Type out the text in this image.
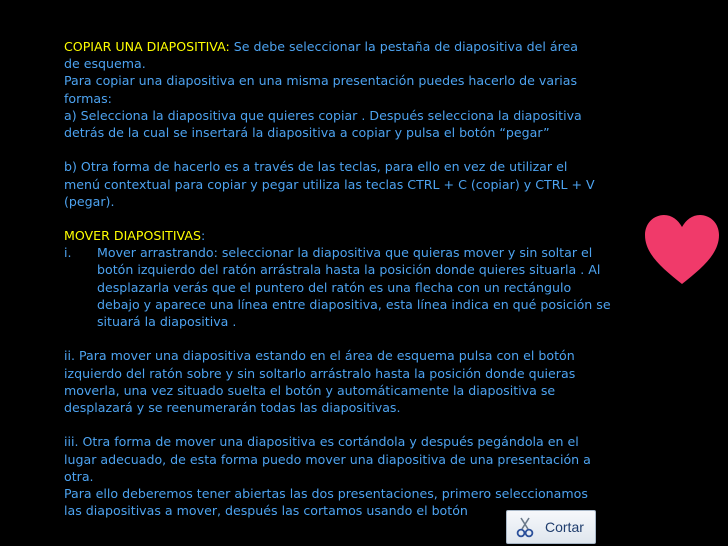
COPIAR UNA DIAPOSITIVA: Se debe seleccionar la pestaña de diapositiva del área
de esquema.
Para copiar una diapositiva en una misma presentación puedes hacerlo de varias
formas:
a) Selecciona la diapositiva que quieres copiar . Después selecciona la diapositiva
detrás de la cual se insertará la diapositiva a copiar y pulsa el botón “pegar”
b) Otra forma de hacerlo es a través de las teclas, para ello en vez de utilizar el
menú contextual para copiar y pegar utiliza las teclas CTRL + C (copiar) y CTRL + V
(pegar).
MOVER DIAPOSITIVAS:
i.	Mover arrastrando: seleccionar la diapositiva que quieras mover y sin soltar el
botón izquierdo del ratón arrástrala hasta la posición donde quieres situarla . Al
desplazarla verás que el puntero del ratón es una flecha con un rectángulo
debajo y aparece una línea entre diapositiva, esta línea indica en qué posición se
situará la diapositiva .
ii. Para mover una diapositiva estando en el área de esquema pulsa con el botón
izquierdo del ratón sobre y sin soltarlo arrástralo hasta la posición donde quieras
moverla, una vez situado suelta el botón y automáticamente la diapositiva se
desplazará y se reenumerarán todas las diapositivas.
iii. Otra forma de mover una diapositiva es cortándola y después pegándola en el
lugar adecuado, de esta forma puedo mover una diapositiva de una presentación a
otra.
Para ello deberemos tener abiertas las dos presentaciones, primero seleccionamos
las diapositivas a mover, después las cortamos usando el botón
Cortar
